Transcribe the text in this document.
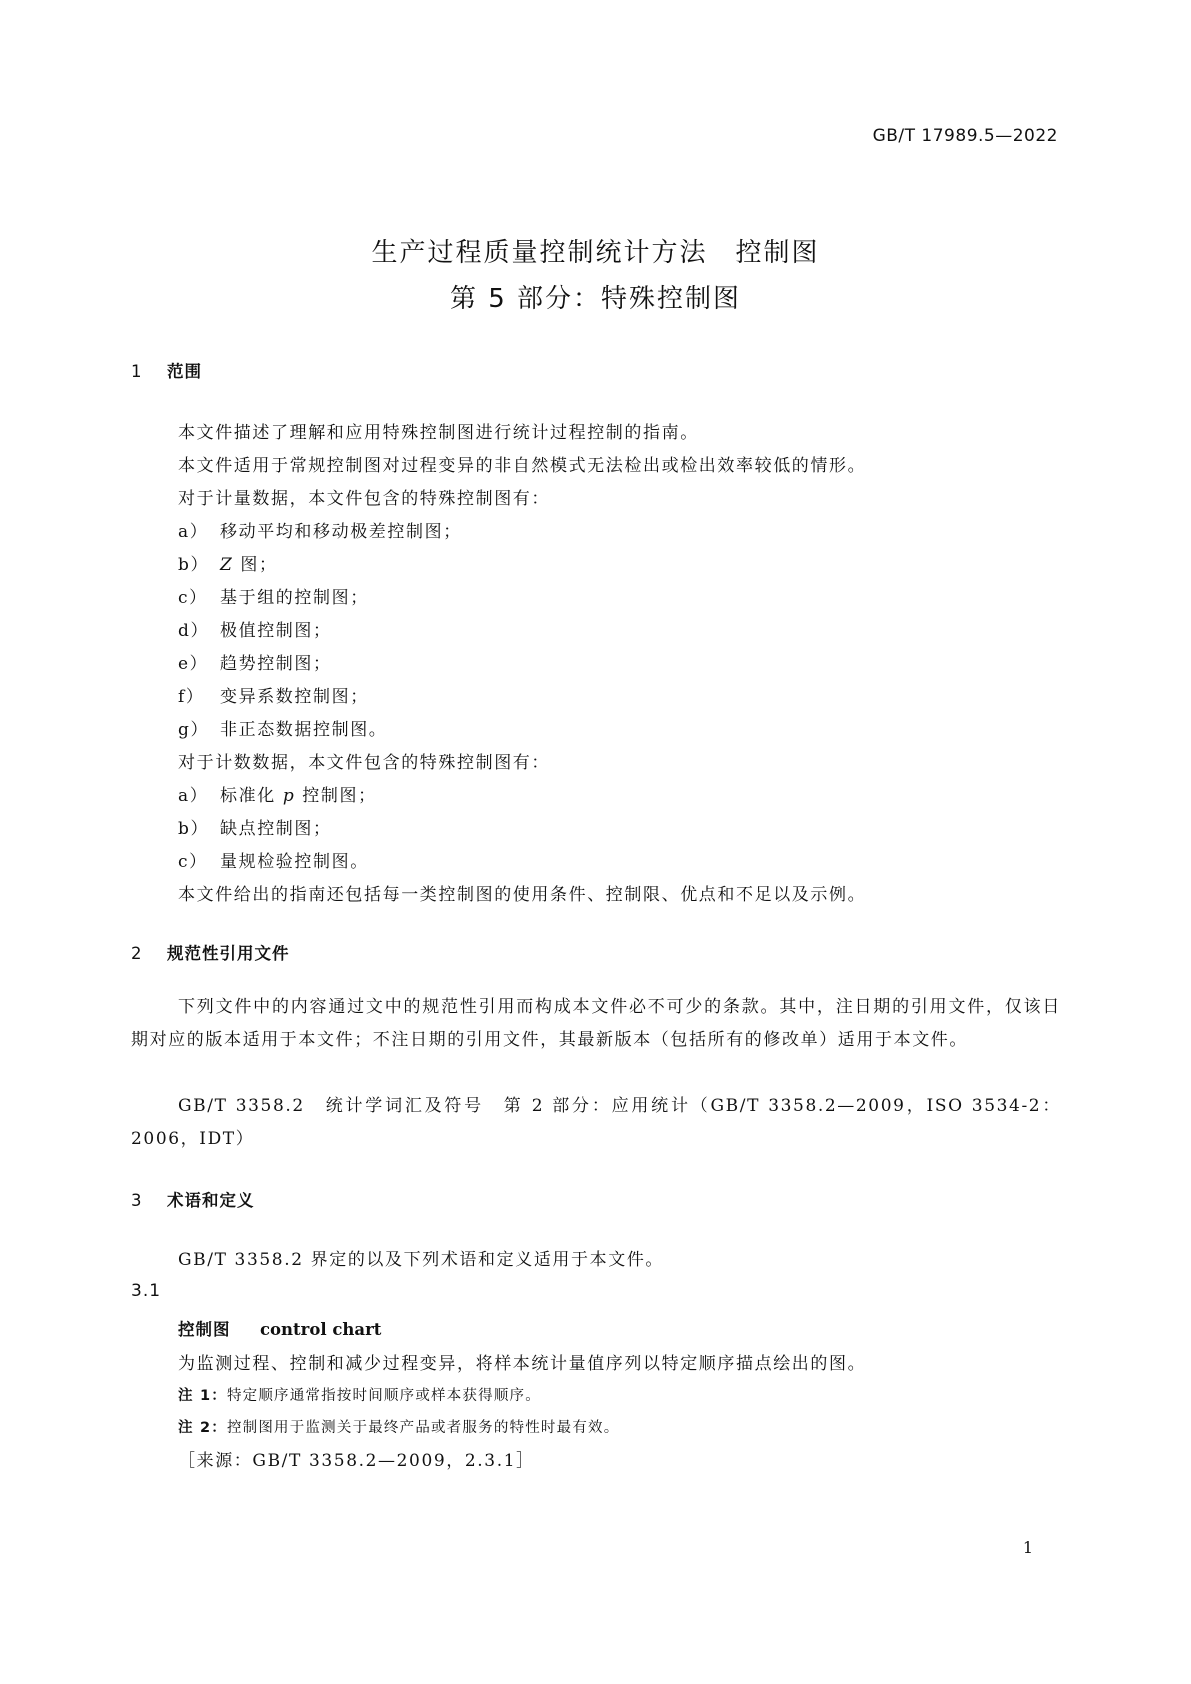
GB/T 17989.5—2022
生产过程质量控制统计方法　控制图
第 5 部分：特殊控制图
1 范围
本文件描述了理解和应用特殊控制图进行统计过程控制的指南。
本文件适用于常规控制图对过程变异的非自然模式无法检出或检出效率较低的情形。
对于计量数据，本文件包含的特殊控制图有：
a） 移动平均和移动极差控制图；
b） Z 图；
c） 基于组的控制图；
d） 极值控制图；
e） 趋势控制图；
f） 变异系数控制图；
g） 非正态数据控制图。
对于计数数据，本文件包含的特殊控制图有：
a） 标准化 p 控制图；
b） 缺点控制图；
c） 量规检验控制图。
本文件给出的指南还包括每一类控制图的使用条件、控制限、优点和不足以及示例。
2 规范性引用文件
下列文件中的内容通过文中的规范性引用而构成本文件必不可少的条款。其中，注日期的引用文件，仅该日期对应的版本适用于本文件；不注日期的引用文件，其最新版本（包括所有的修改单）适用于本文件。
GB/T 3358.2　统计学词汇及符号　第 2 部分：应用统计（GB/T 3358.2—2009，ISO 3534-2：2006，IDT）
3 术语和定义
GB/T 3358.2 界定的以及下列术语和定义适用于本文件。
3.1
控制图 control chart
为监测过程、控制和减少过程变异，将样本统计量值序列以特定顺序描点绘出的图。
注 1：特定顺序通常指按时间顺序或样本获得顺序。
注 2：控制图用于监测关于最终产品或者服务的特性时最有效。
［来源：GB/T 3358.2—2009，2.3.1］
1
